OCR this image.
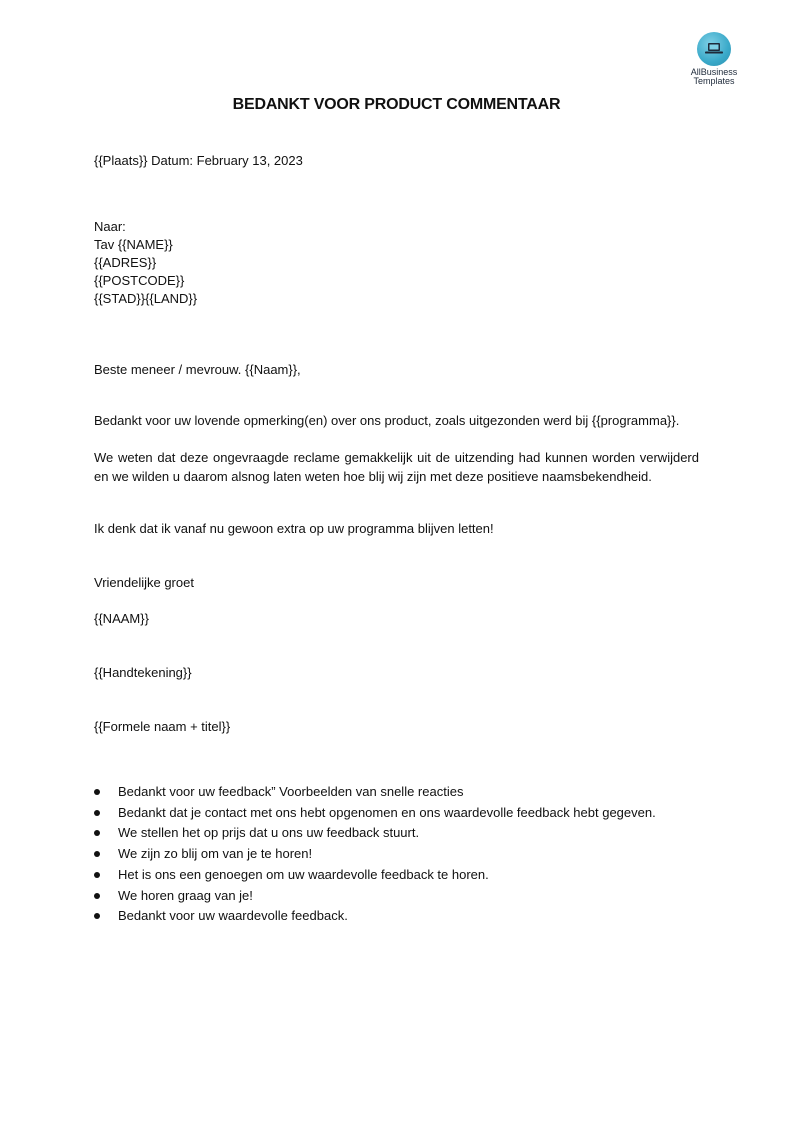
AllBusiness
Templates
BEDANKT VOOR PRODUCT COMMENTAAR
{{Plaats}} Datum: February 13, 2023
Naar:
Tav {{NAME}}
{{ADRES}}
{{POSTCODE}}
{{STAD}}{{LAND}}
Beste meneer / mevrouw. {{Naam}},
Bedankt voor uw lovende opmerking(en) over ons product, zoals uitgezonden werd bij {{programma}}.
We weten dat deze ongevraagde reclame gemakkelijk uit de uitzending had kunnen worden verwijderd en we wilden u daarom alsnog laten weten hoe blij wij zijn met deze positieve naamsbekendheid.
Ik denk dat ik vanaf nu gewoon extra op uw programma blijven letten!
Vriendelijke groet
{{NAAM}}
{{Handtekening}}
{{Formele naam + titel}}
Bedankt voor uw feedback” Voorbeelden van snelle reacties
Bedankt dat je contact met ons hebt opgenomen en ons waardevolle feedback hebt gegeven.
We stellen het op prijs dat u ons uw feedback stuurt.
We zijn zo blij om van je te horen!
Het is ons een genoegen om uw waardevolle feedback te horen.
We horen graag van je!
Bedankt voor uw waardevolle feedback.
